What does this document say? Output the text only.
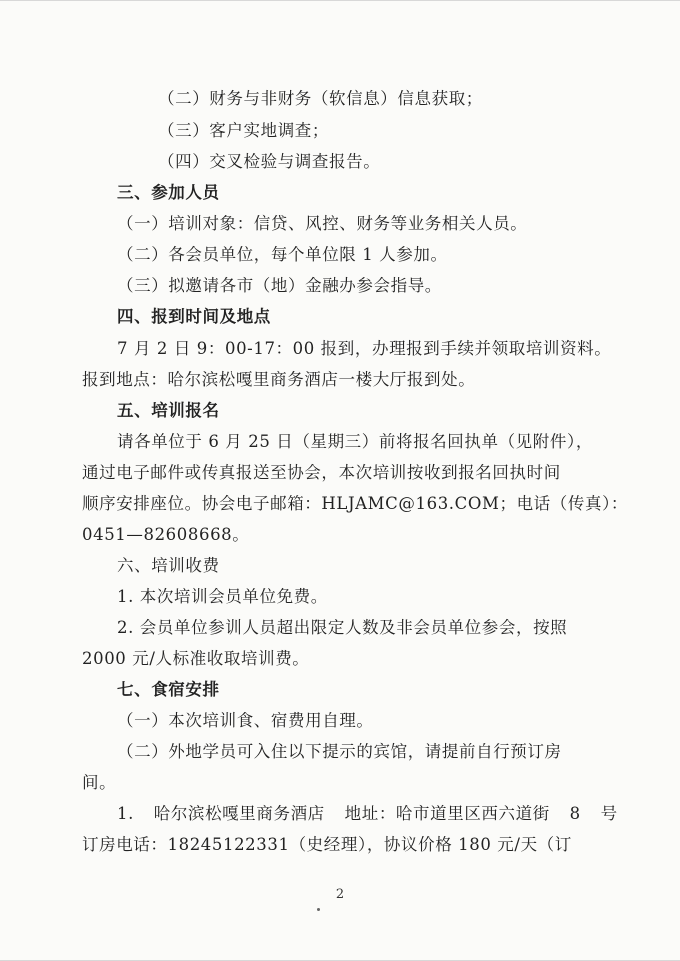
（二）财务与非财务（软信息）信息获取；
（三）客户实地调查；
（四）交叉检验与调查报告。
三、参加人员
（一）培训对象：信贷、风控、财务等业务相关人员。
（二）各会员单位，每个单位限 1 人参加。
（三）拟邀请各市（地）金融办参会指导。
四、报到时间及地点
7 月 2 日 9：00-17：00 报到，办理报到手续并领取培训资料。
报到地点：哈尔滨松嘎里商务酒店一楼大厅报到处。
五、培训报名
请各单位于 6 月 25 日（星期三）前将报名回执单（见附件），
通过电子邮件或传真报送至协会，本次培训按收到报名回执时间
顺序安排座位。协会电子邮箱：HLJAMC@163.COM；电话（传真）：
0451—82608668。
六、培训收费
1. 本次培训会员单位免费。
2. 会员单位参训人员超出限定人数及非会员单位参会，按照
2000 元/人标准收取培训费。
七、食宿安排
（一）本次培训食、宿费用自理。
（二）外地学员可入住以下提示的宾馆，请提前自行预订房
间。
1. 哈尔滨松嘎里商务酒店 地址：哈市道里区西六道街 8 号
订房电话：18245122331（史经理），协议价格 180 元/天（订
2
